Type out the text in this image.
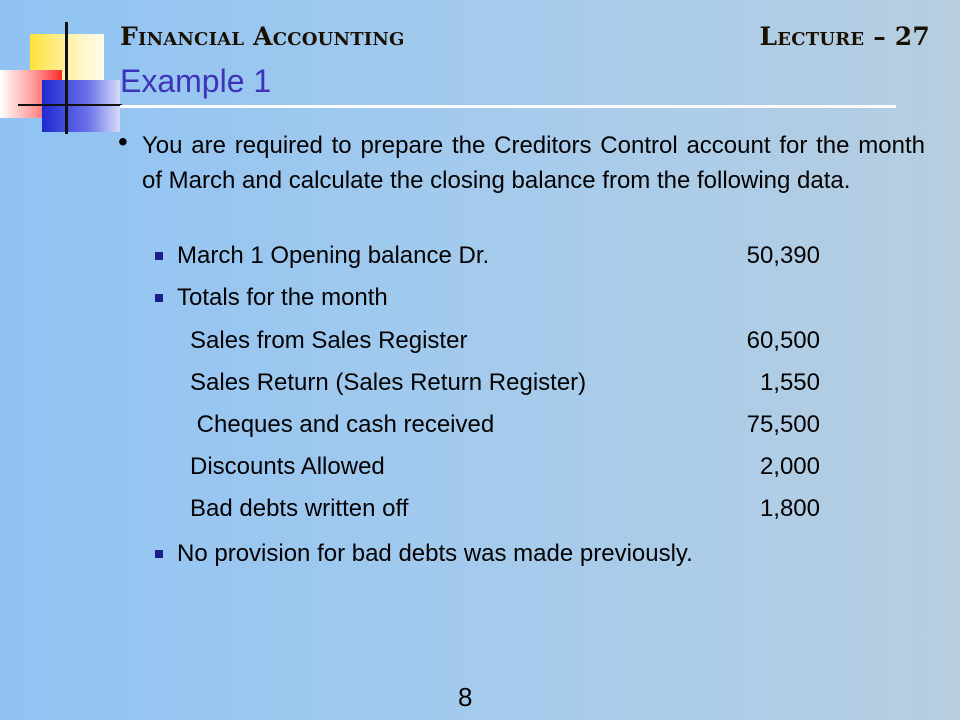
Financial Accounting	Lecture – 27
Example 1
• You are required to prepare the Creditors Control account for the month of March and calculate the closing balance from the following data.
March 1 Opening balance Dr.	50,390
Totals for the month
Sales from Sales Register	60,500
Sales Return (Sales Return Register)	1,550
Cheques and cash received	75,500
Discounts Allowed	2,000
Bad debts written off	1,800
No provision for bad debts was made previously.
8
